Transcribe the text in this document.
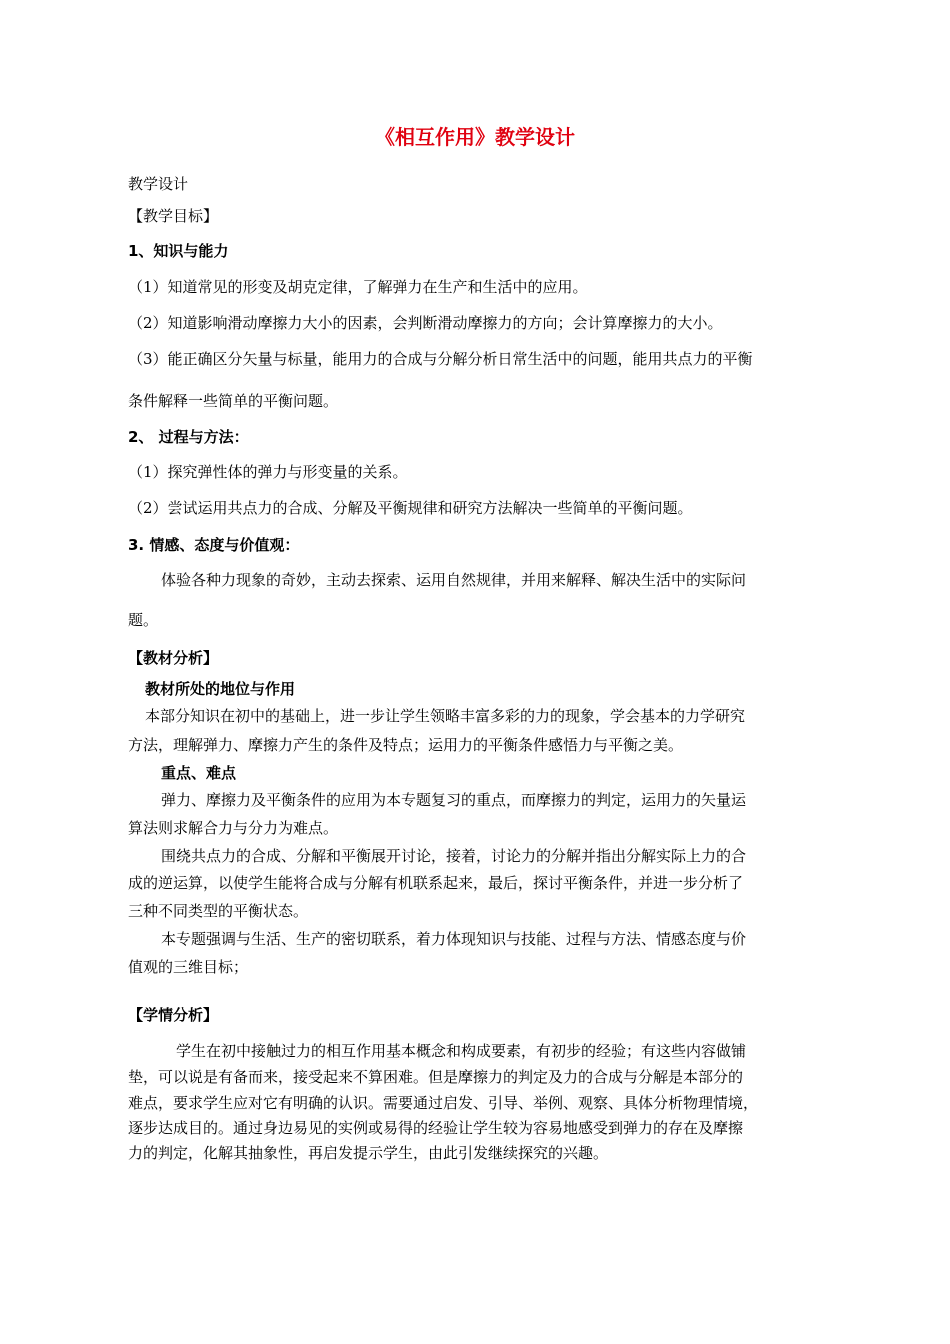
《相互作用》教学设计
教学设计
【教学目标】
1、知识与能力
（1）知道常见的形变及胡克定律，了解弹力在生产和生活中的应用。
（2）知道影响滑动摩擦力大小的因素，会判断滑动摩擦力的方向；会计算摩擦力的大小。
（3）能正确区分矢量与标量，能用力的合成与分解分析日常生活中的问题，能用共点力的平衡
条件解释一些简单的平衡问题。
2、 过程与方法：
（1）探究弹性体的弹力与形变量的关系。
（2）尝试运用共点力的合成、分解及平衡规律和研究方法解决一些简单的平衡问题。
3. 情感、态度与价值观：
体验各种力现象的奇妙，主动去探索、运用自然规律，并用来解释、解决生活中的实际问
题。
【教材分析】
教材所处的地位与作用
本部分知识在初中的基础上，进一步让学生领略丰富多彩的力的现象，学会基本的力学研究
方法，理解弹力、摩擦力产生的条件及特点；运用力的平衡条件感悟力与平衡之美。
重点、难点
弹力、摩擦力及平衡条件的应用为本专题复习的重点，而摩擦力的判定，运用力的矢量运
算法则求解合力与分力为难点。
围绕共点力的合成、分解和平衡展开讨论，接着，讨论力的分解并指出分解实际上力的合
成的逆运算，以使学生能将合成与分解有机联系起来，最后，探讨平衡条件，并进一步分析了
三种不同类型的平衡状态。
本专题强调与生活、生产的密切联系，着力体现知识与技能、过程与方法、情感态度与价
值观的三维目标；
【学情分析】
学生在初中接触过力的相互作用基本概念和构成要素，有初步的经验；有这些内容做铺
垫，可以说是有备而来，接受起来不算困难。但是摩擦力的判定及力的合成与分解是本部分的
难点，要求学生应对它有明确的认识。需要通过启发、引导、举例、观察、具体分析物理情境，
逐步达成目的。通过身边易见的实例或易得的经验让学生较为容易地感受到弹力的存在及摩擦
力的判定，化解其抽象性，再启发提示学生，由此引发继续探究的兴趣。
